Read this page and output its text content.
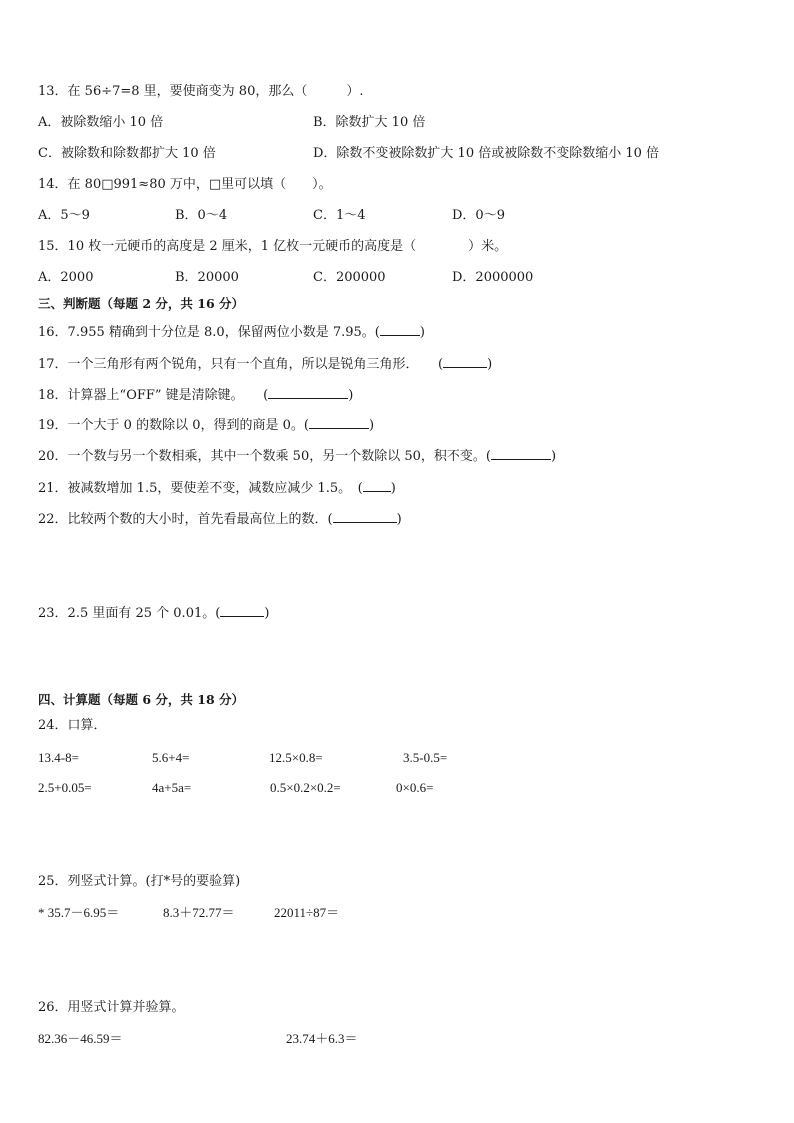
13．在 56÷7=8 里，要使商变为 80，那么（　　　）.
A．被除数缩小 10 倍	B．除数扩大 10 倍
C．被除数和除数都扩大 10 倍	D．除数不变被除数扩大 10 倍或被除数不变除数缩小 10 倍
14．在 80□991≈80 万中，□里可以填（　　）。
A．5～9	B．0～4	C．1～4	D．0～9
15．10 枚一元硬币的高度是 2 厘米，1 亿枚一元硬币的高度是（　　　　）米。
A．2000	B．20000	C．200000	D．2000000
三、判断题（每题 2 分，共 16 分）
16．7.955 精确到十分位是 8.0，保留两位小数是 7.95。(	)
17．一个三角形有两个锐角，只有一个直角，所以是锐角三角形．　　(	)
18．计算器上“OFF” 键是清除键。　　(	)
19．一个大于 0 的数除以 0，得到的商是 0。(	)
20．一个数与另一个数相乘，其中一个数乘 50，另一个数除以 50，积不变。(	)
21．被减数增加 1.5，要使差不变，减数应减少 1.5。　( )
22．比较两个数的大小时，首先看最高位上的数．(	)
23．2.5 里面有 25 个 0.01。(	)
四、计算题（每题 6 分，共 18 分）
24．口算．
13.4-8=	5.6+4=	12.5×0.8=	3.5-0.5=
2.5+0.05=	4a+5a=	0.5×0.2×0.2=	0×0.6=
25．列竖式计算。(打*号的要验算)
* 35.7－6.95＝	8.3＋72.77＝	22011÷87＝
26．用竖式计算并验算。
82.36－46.59＝	23.74＋6.3＝
